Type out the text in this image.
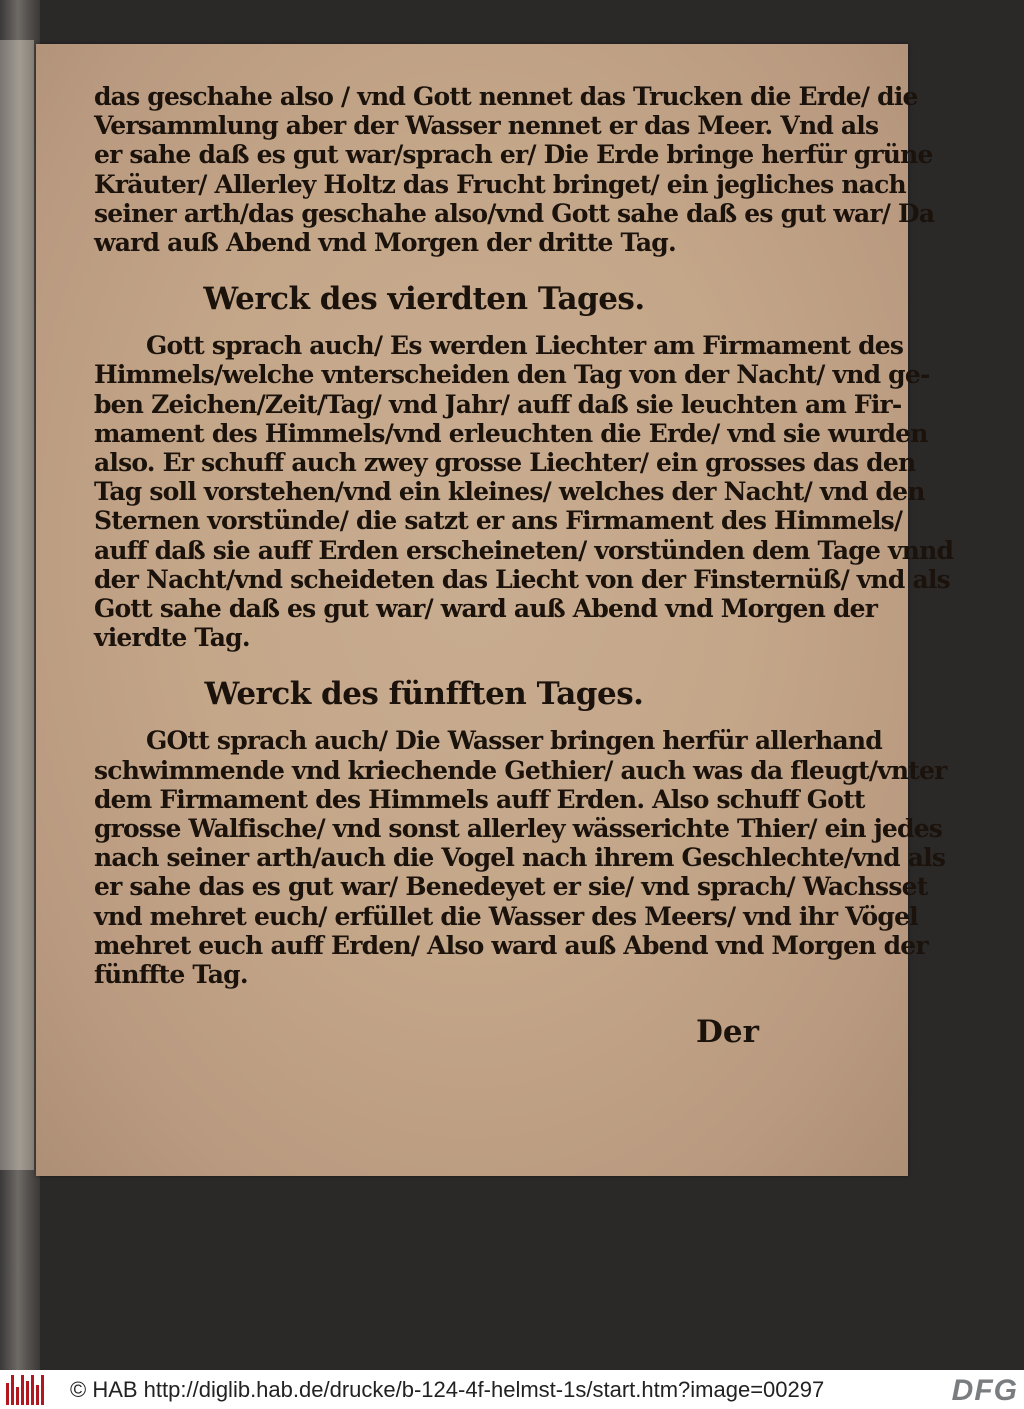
das geschahe also / vnd Gott nennet das Trucken die Erde/ die
Versammlung aber der Wasser nennet er das Meer. Vnd als
er sahe daß es gut war/sprach er/ Die Erde bringe herfür grüne
Kräuter/ Allerley Holtz das Frucht bringet/ ein jegliches nach
seiner arth/das geschahe also/vnd Gott sahe daß es gut war/ Da
ward auß Abend vnd Morgen der dritte Tag.
Werck des vierdten Tages.
Gott sprach auch/ Es werden Liechter am Firmament des
Himmels/welche vnterscheiden den Tag von der Nacht/ vnd ge-
ben Zeichen/Zeit/Tag/ vnd Jahr/ auff daß sie leuchten am Fir-
mament des Himmels/vnd erleuchten die Erde/ vnd sie wurden
also. Er schuff auch zwey grosse Liechter/ ein grosses das den
Tag soll vorstehen/vnd ein kleines/ welches der Nacht/ vnd den
Sternen vorstünde/ die satzt er ans Firmament des Himmels/
auff daß sie auff Erden erscheineten/ vorstünden dem Tage vnnd
der Nacht/vnd scheideten das Liecht von der Finsternüß/ vnd als
Gott sahe daß es gut war/ ward auß Abend vnd Morgen der
vierdte Tag.
Werck des fünfften Tages.
GOtt sprach auch/ Die Wasser bringen herfür allerhand
schwimmende vnd kriechende Gethier/ auch was da fleugt/vnter
dem Firmament des Himmels auff Erden. Also schuff Gott
grosse Walfische/ vnd sonst allerley wässerichte Thier/ ein jedes
nach seiner arth/auch die Vogel nach ihrem Geschlechte/vnd als
er sahe das es gut war/ Benedeyet er sie/ vnd sprach/ Wachsset
vnd mehret euch/ erfüllet die Wasser des Meers/ vnd ihr Vögel
mehret euch auff Erden/ Also ward auß Abend vnd Morgen der
fünffte Tag.
Der
© HAB http://diglib.hab.de/drucke/b-124-4f-helmst-1s/start.htm?image=00297	DFG
